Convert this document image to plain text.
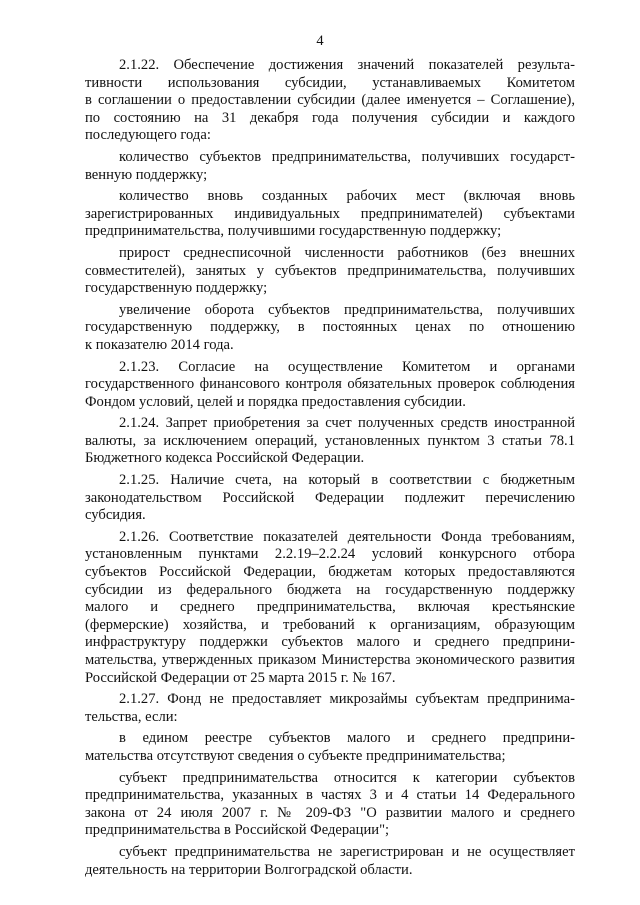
4
2.1.22. Обеспечение достижения значений показателей результа-
тивности использования субсидии, устанавливаемых Комитетом
в соглашении о предоставлении субсидии (далее именуется – Соглашение),
по состоянию на 31 декабря года получения субсидии и каждого
последующего года:
количество субъектов предпринимательства, получивших государст-
венную поддержку;
количество вновь созданных рабочих мест (включая вновь
зарегистрированных индивидуальных предпринимателей) субъектами
предпринимательства, получившими государственную поддержку;
прирост среднесписочной численности работников (без внешних
совместителей), занятых у субъектов предпринимательства, получивших
государственную поддержку;
увеличение оборота субъектов предпринимательства, получивших
государственную поддержку, в постоянных ценах по отношению
к показателю 2014 года.
2.1.23. Согласие на осуществление Комитетом и органами
государственного финансового контроля обязательных проверок соблюдения
Фондом условий, целей и порядка предоставления субсидии.
2.1.24. Запрет приобретения за счет полученных средств иностранной
валюты, за исключением операций, установленных пунктом 3 статьи 78.1
Бюджетного кодекса Российской Федерации.
2.1.25. Наличие счета, на который в соответствии с бюджетным
законодательством Российской Федерации подлежит перечислению
субсидия.
2.1.26. Соответствие показателей деятельности Фонда требованиям,
установленным пунктами 2.2.19–2.2.24 условий конкурсного отбора
субъектов Российской Федерации, бюджетам которых предоставляются
субсидии из федерального бюджета на государственную поддержку
малого и среднего предпринимательства, включая крестьянские
(фермерские) хозяйства, и требований к организациям, образующим
инфраструктуру поддержки субъектов малого и среднего предприни-
мательства, утвержденных приказом Министерства экономического развития
Российской Федерации от 25 марта 2015 г. № 167.
2.1.27. Фонд не предоставляет микрозаймы субъектам предпринима-
тельства, если:
в едином реестре субъектов малого и среднего предприни-
мательства отсутствуют сведения о субъекте предпринимательства;
субъект предпринимательства относится к категории субъектов
предпринимательства, указанных в частях 3 и 4 статьи 14 Федерального
закона от 24 июля 2007 г. № 209-ФЗ "О развитии малого и среднего
предпринимательства в Российской Федерации";
субъект предпринимательства не зарегистрирован и не осуществляет
деятельность на территории Волгоградской области.
